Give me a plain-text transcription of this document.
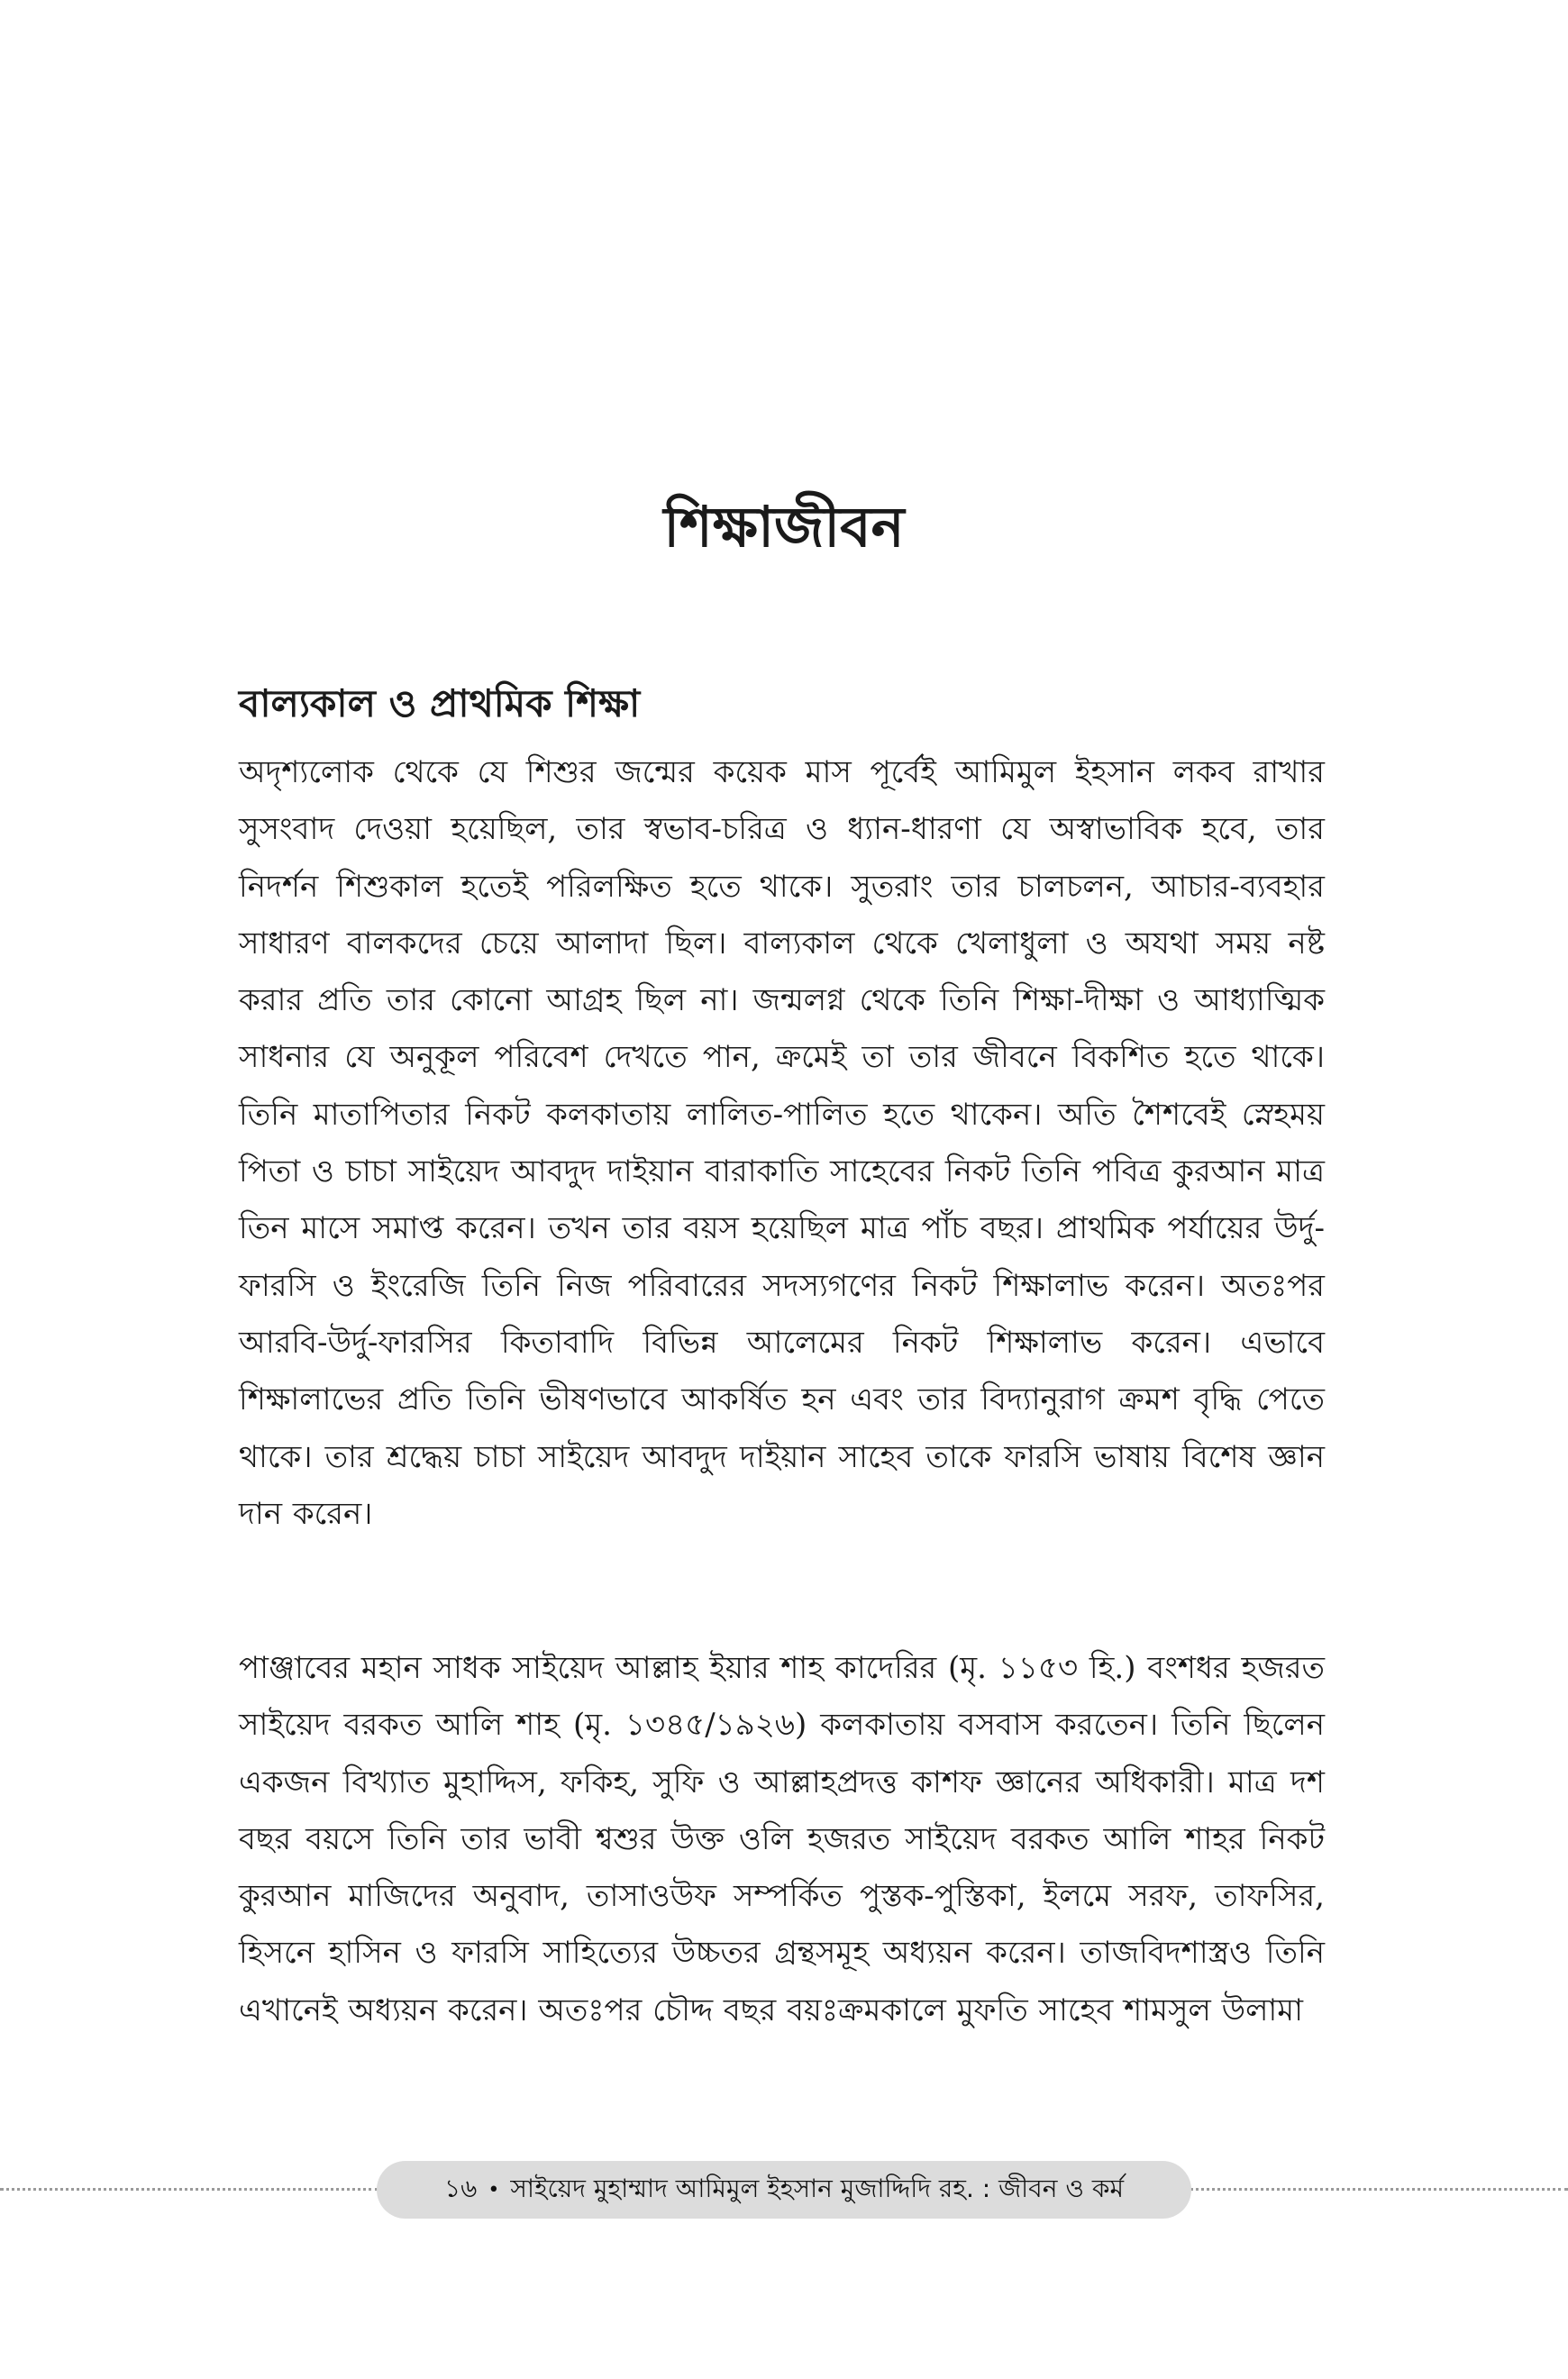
শিক্ষাজীবন
বাল্যকাল ও প্রাথমিক শিক্ষা

অদৃশ্যলোক থেকে যে শিশুর জন্মের কয়েক মাস পূর্বেই আমিমুল ইহসান লকব রাখার সুসংবাদ দেওয়া হয়েছিল, তার স্বভাব-চরিত্র ও ধ্যান-ধারণা যে অস্বাভাবিক হবে, তার নিদর্শন শিশুকাল হতেই পরিলক্ষিত হতে থাকে। সুতরাং তার চালচলন, আচার-ব্যবহার সাধারণ বালকদের চেয়ে আলাদা ছিল। বাল্যকাল থেকে খেলাধুলা ও অযথা সময় নষ্ট করার প্রতি তার কোনো আগ্রহ ছিল না। জন্মলগ্ন থেকে তিনি শিক্ষা-দীক্ষা ও আধ্যাত্মিক সাধনার যে অনুকূল পরিবেশ দেখতে পান, ক্রমেই তা তার জীবনে বিকশিত হতে থাকে। তিনি মাতাপিতার নিকট কলকাতায় লালিত-পালিত হতে থাকেন। অতি শৈশবেই স্নেহময় পিতা ও চাচা সাইয়েদ আবদুদ দাইয়ান বারাকাতি সাহেবের নিকট তিনি পবিত্র কুরআন মাত্র তিন মাসে সমাপ্ত করেন। তখন তার বয়স হয়েছিল মাত্র পাঁচ বছর। প্রাথমিক পর্যায়ের উর্দু-ফারসি ও ইংরেজি তিনি নিজ পরিবারের সদস্যগণের নিকট শিক্ষালাভ করেন। অতঃপর আরবি-উর্দু-ফারসির কিতাবাদি বিভিন্ন আলেমের নিকট শিক্ষালাভ করেন। এভাবে শিক্ষালাভের প্রতি তিনি ভীষণভাবে আকর্ষিত হন এবং তার বিদ্যানুরাগ ক্রমশ বৃদ্ধি পেতে থাকে। তার শ্রদ্ধেয় চাচা সাইয়েদ আবদুদ দাইয়ান সাহেব তাকে ফারসি ভাষায় বিশেষ জ্ঞান দান করেন।

পাঞ্জাবের মহান সাধক সাইয়েদ আল্লাহ ইয়ার শাহ কাদেরির (মৃ. ১১৫৩ হি.) বংশধর হজরত সাইয়েদ বরকত আলি শাহ (মৃ. ১৩৪৫/১৯২৬) কলকাতায় বসবাস করতেন। তিনি ছিলেন একজন বিখ্যাত মুহাদ্দিস, ফকিহ, সুফি ও আল্লাহপ্রদত্ত কাশফ জ্ঞানের অধিকারী। মাত্র দশ বছর বয়সে তিনি তার ভাবী শ্বশুর উক্ত ওলি হজরত সাইয়েদ বরকত আলি শাহর নিকট কুরআন মাজিদের অনুবাদ, তাসাওউফ সম্পর্কিত পুস্তক-পুস্তিকা, ইলমে সরফ, তাফসির, হিসনে হাসিন ও ফারসি সাহিত্যের উচ্চতর গ্রন্থসমূহ অধ্যয়ন করেন। তাজবিদশাস্ত্রও তিনি এখানেই অধ্যয়ন করেন। অতঃপর চৌদ্দ বছর বয়ঃক্রমকালে মুফতি সাহেব শামসুল উলামা

১৬ • সাইয়েদ মুহাম্মাদ আমিমুল ইহসান মুজাদ্দিদি রহ. : জীবন ও কর্ম
